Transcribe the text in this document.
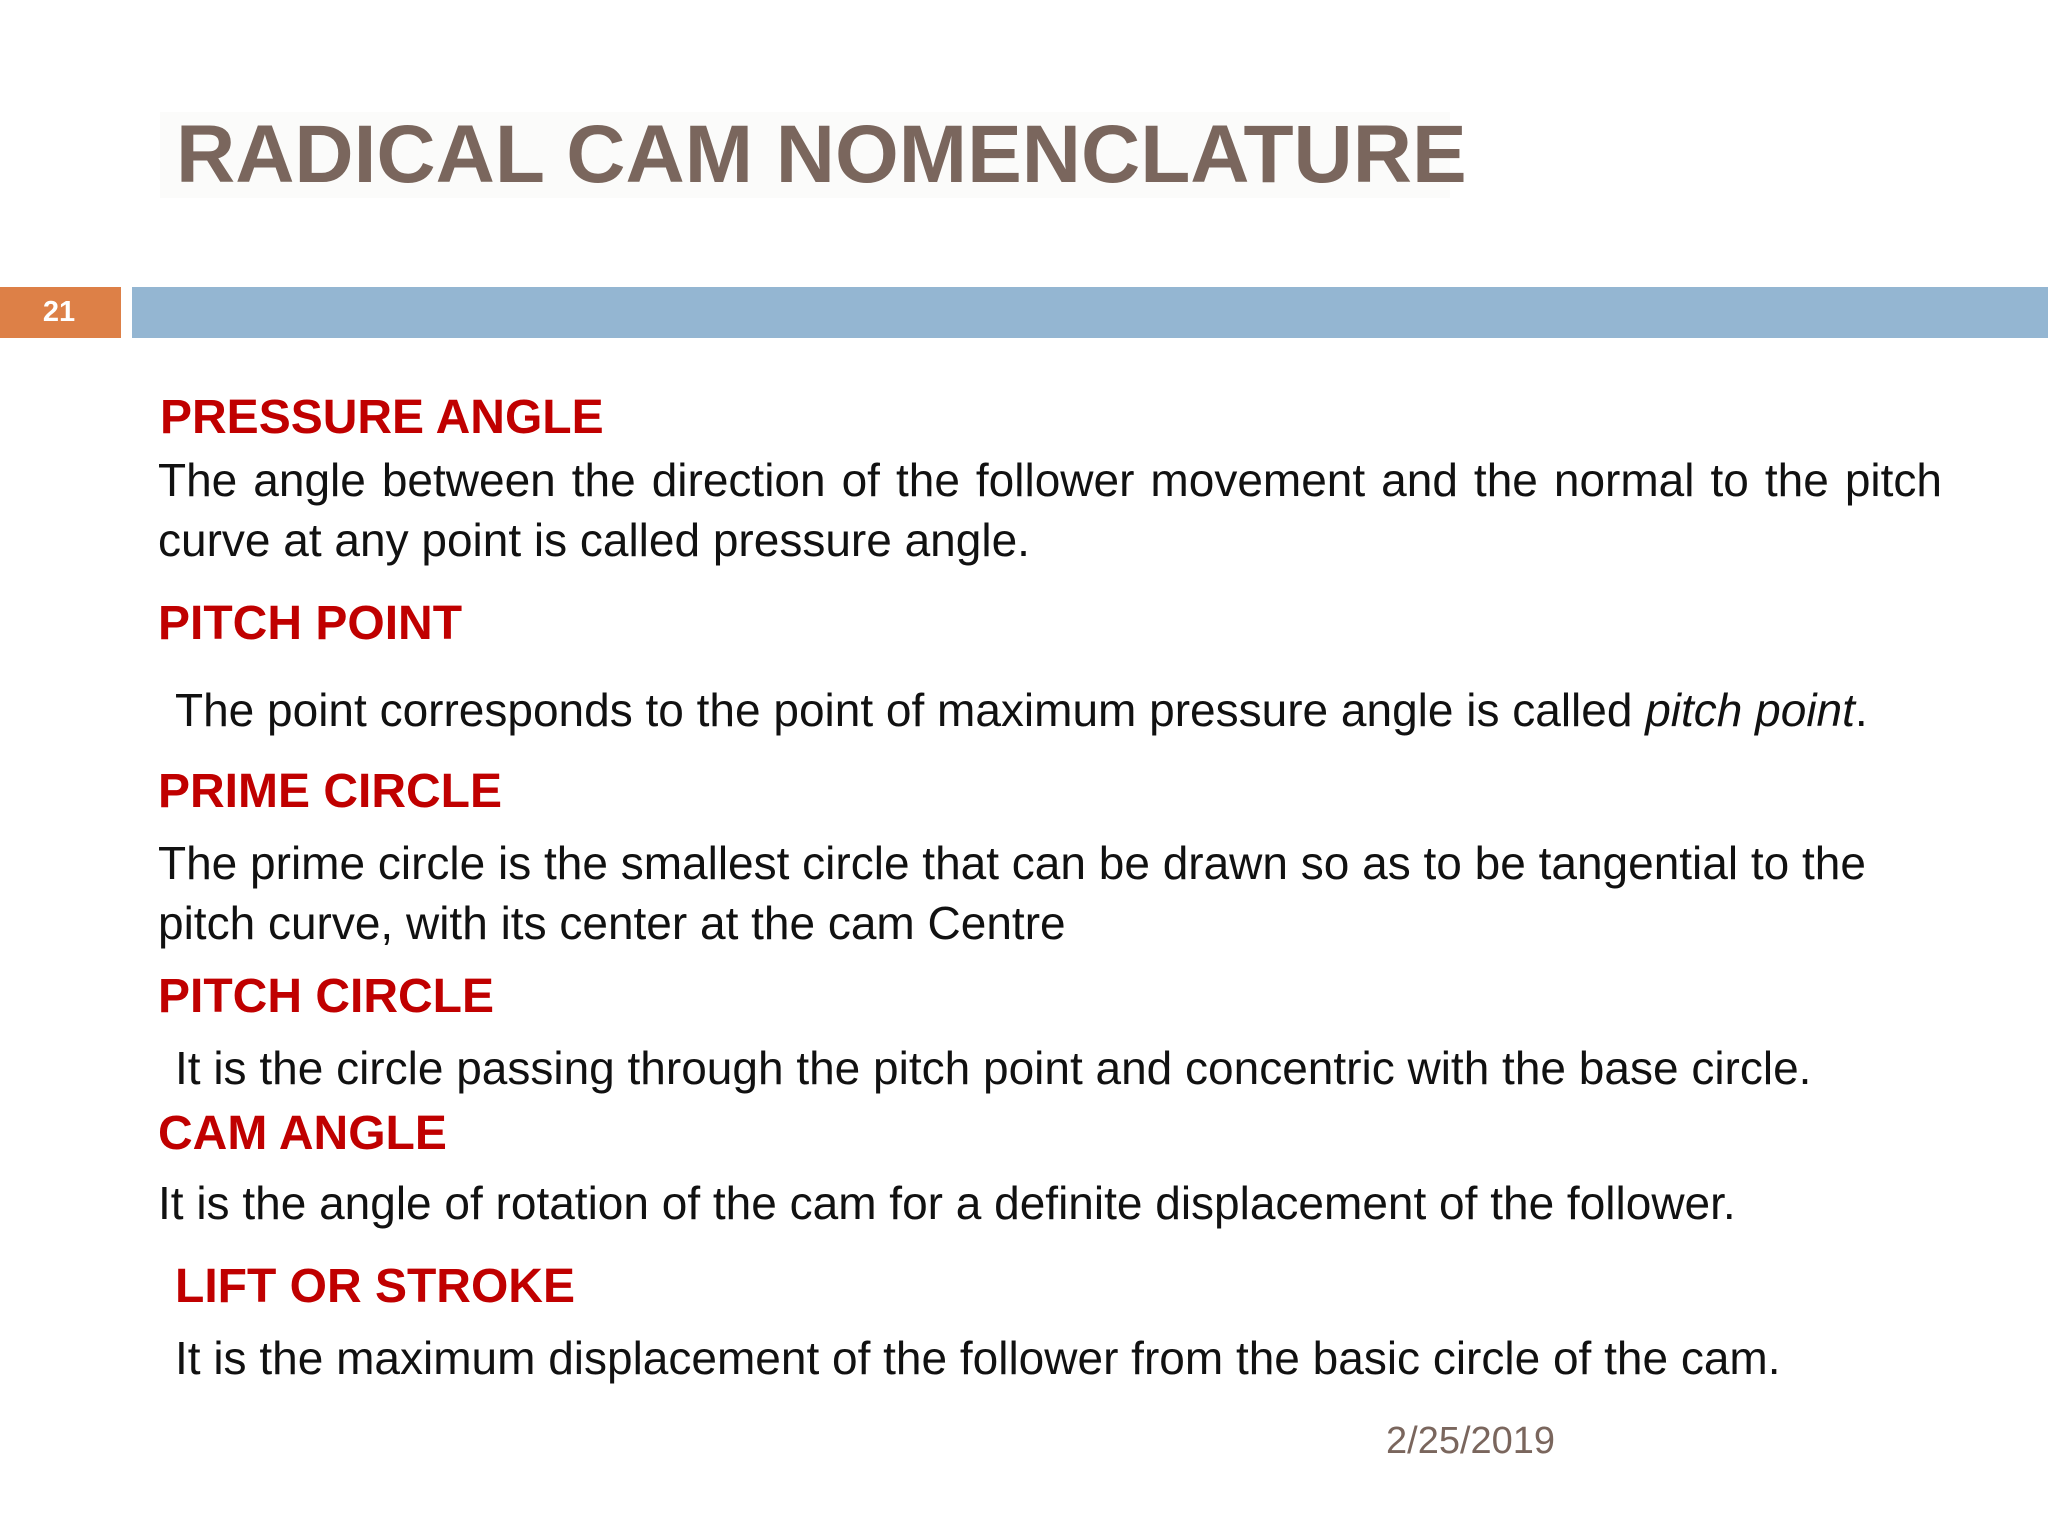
RADICAL CAM NOMENCLATURE
21
PRESSURE ANGLE
The angle between the direction of the follower movement and the normal to the pitch curve at any point is called pressure angle.
PITCH POINT
The point corresponds to the point of maximum pressure angle is called pitch point.
PRIME CIRCLE
The prime circle is the smallest circle that can be drawn so as to be tangential to the pitch curve, with its center at the cam Centre
PITCH CIRCLE
It is the circle passing through the pitch point and concentric with the base circle.
CAM ANGLE
It is the angle of rotation of the cam for a definite displacement of the follower.
LIFT OR STROKE
It is the maximum displacement of the follower from the basic circle of the cam.
2/25/2019
